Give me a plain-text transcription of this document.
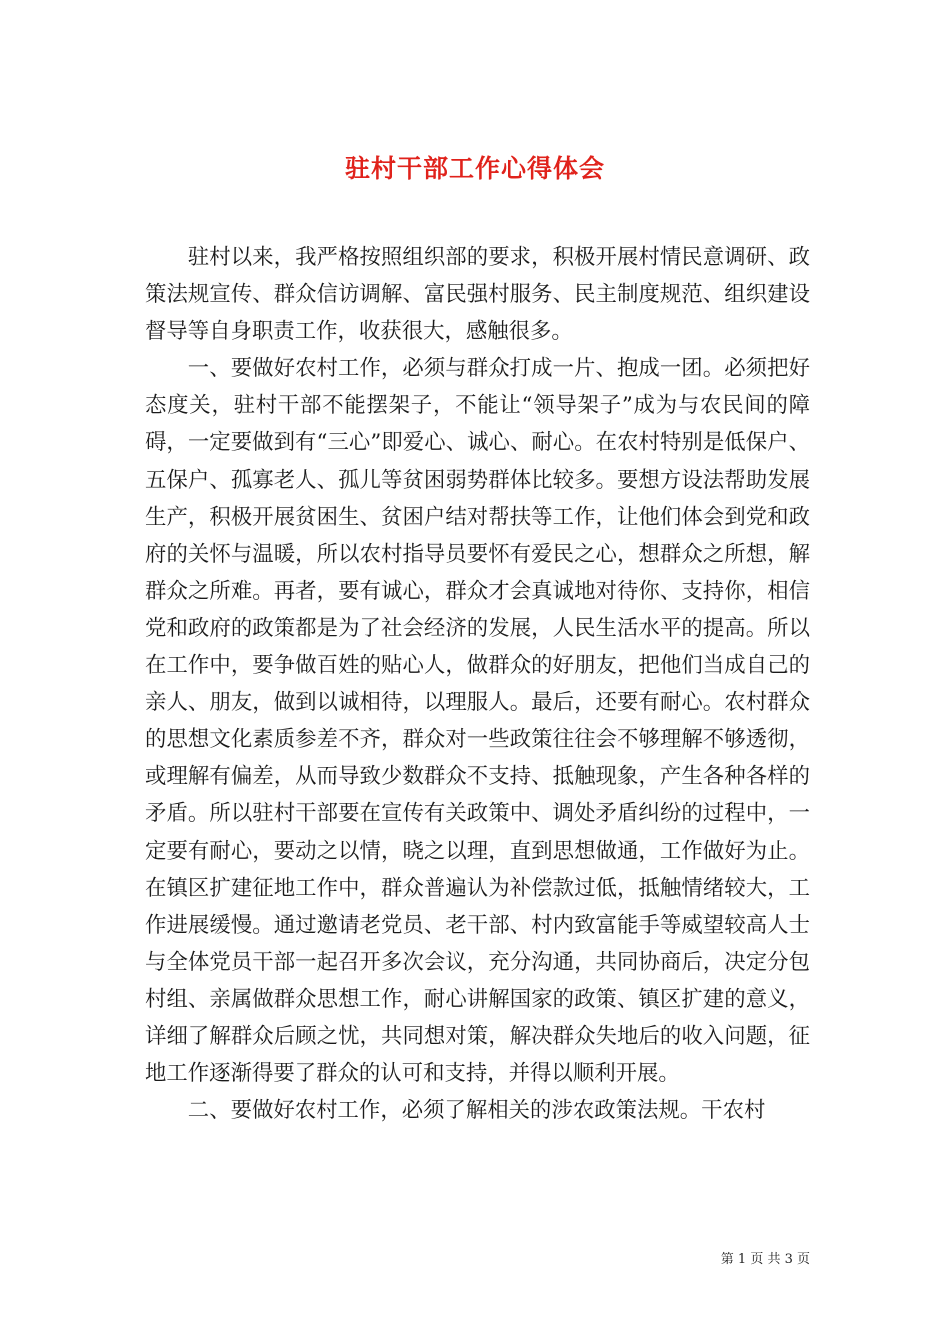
驻村干部工作心得体会

驻村以来，我严格按照组织部的要求，积极开展村情民意调研、政策法规宣传、群众信访调解、富民强村服务、民主制度规范、组织建设督导等自身职责工作，收获很大，感触很多。

一、要做好农村工作，必须与群众打成一片、抱成一团。必须把好态度关，驻村干部不能摆架子，不能让“领导架子”成为与农民间的障碍，一定要做到有“三心”即爱心、诚心、耐心。在农村特别是低保户、五保户、孤寡老人、孤儿等贫困弱势群体比较多。要想方设法帮助发展生产，积极开展贫困生、贫困户结对帮扶等工作，让他们体会到党和政府的关怀与温暖，所以农村指导员要怀有爱民之心，想群众之所想，解群众之所难。再者，要有诚心，群众才会真诚地对待你、支持你，相信党和政府的政策都是为了社会经济的发展，人民生活水平的提高。所以在工作中，要争做百姓的贴心人，做群众的好朋友，把他们当成自己的亲人、朋友，做到以诚相待，以理服人。最后，还要有耐心。农村群众的思想文化素质参差不齐，群众对一些政策往往会不够理解不够透彻，或理解有偏差，从而导致少数群众不支持、抵触现象，产生各种各样的矛盾。所以驻村干部要在宣传有关政策中、调处矛盾纠纷的过程中，一定要有耐心，要动之以情，晓之以理，直到思想做通，工作做好为止。在镇区扩建征地工作中，群众普遍认为补偿款过低，抵触情绪较大，工作进展缓慢。通过邀请老党员、老干部、村内致富能手等威望较高人士与全体党员干部一起召开多次会议，充分沟通，共同协商后，决定分包村组、亲属做群众思想工作，耐心讲解国家的政策、镇区扩建的意义，详细了解群众后顾之忧，共同想对策，解决群众失地后的收入问题，征地工作逐渐得要了群众的认可和支持，并得以顺利开展。

二、要做好农村工作，必须了解相关的涉农政策法规。干农村

第 1 页 共 3 页
